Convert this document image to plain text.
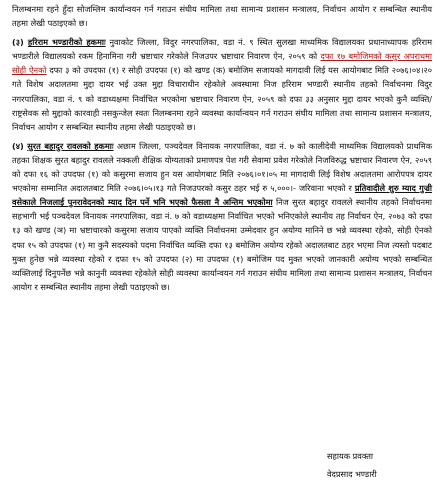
निलम्बनमा रहने हुँदा सोजम्लिम कार्यान्वयन गर्न गराउन संघीय मामिला तथा सामान्य प्रशासन मन्त्रालय, निर्वाचन आयोग र सम्बन्धित स्थानीय तहमा लेखी पठाइएको छ।

(३) हरिराम भण्डारीको हकमाः नुवाकोट जिल्ला, विदुर नगरपालिका, वडा नं. ९ स्थित सुलखा माध्यमिक विद्यालयका प्रधानाध्यापक हरिराम भण्डारीले विद्यालयको रकम हिनामिना गरी भ्रष्टाचार गरेकोले निजउपर भ्रष्टाचार निवारण ऐन, २०५९ को दफा १७ बमोजिमको कसुर अपराधमा सोही ऐनको दफा ३ को उपदफा (१) र सोही उपदफा (१) को खण्ड (क) बमोजिम सजायको मागदावी लिई यस आयोगबाट मिति २०७६।०४।२० गते विशेष अदालतमा मुद्दा दायर भई उक्त मुद्दा विचाराधीन रहेकोले अवस्थामा निज हरिराम भण्डारी स्थानीय तहको निर्वाचनमा विदुर नगरपालिका, वडा नं. ९ को वडाध्यक्षमा निर्वाचित भएकोमा भ्रष्टाचार निवारण ऐन, २०५९ को दफा ३३ अनुसार मुद्दा दायर भएको कुनै व्यक्ति/राष्ट्रसेवक सो मुद्दाको कारवाही नसकुन्जेल स्वतः निलम्बनमा रहने व्यवस्था कार्यान्वयन गर्न गराउन संघीय मामिला तथा सामान्य प्रशासन मन्त्रालय, निर्वाचन आयोग र सम्बन्धित स्थानीय तहमा लेखी पठाइएको छ।

(४) सुरत बहादुर रावलको हकमाः अछाम जिल्ला, पञ्चदेवल विनायक नगरपालिका, वडा नं. ७ को कालीदेवी माध्यमिक विद्यालयको प्राथमिक तहका शिक्षक सुरत बहादुर रावलले नक्कली शैक्षिक योग्यताको प्रमाणपत्र पेश गरी सेवामा प्रवेश गरेकोले निजविरुद्ध भ्रष्टाचार निवारण ऐन, २०५९ को दफा १६ को उपदफा (१) को कसुरमा सजाय हुन यस आयोगबाट मिति २०७६।०१।०५ मा मागदावी लिई विशेष अदालतमा आरोपपत्र दायर भएकोमा सम्मानित अदालतबाट मिति २०७६।०५।१३ गते निजउपरको कसुर ठहर भई रु ५,०००।- जरिवाना भएको र प्रतिवादीले शुरु म्याद गुज्री वसेकाले निजलाई पुनरावेदनको म्याद दिन पर्ने भनि भएको फैसला नै अन्तिम भएकोमा निज सुरत बहादुर रावलले स्थानीय तहको निर्वाचनमा सहभागी भई पञ्चदेवल विनायक नगरपालिका, वडा नं. ७ को वडाध्यक्षमा निर्वाचित भएको भनिएकोले स्थानीय तह निर्वाचन ऐन, २०७३ को दफा १३ को खण्ड (ञ) मा भ्रष्टाचारको कसुरमा सजाय पाएको व्यक्ति निर्वाचनमा उम्मेदवार हुन अयोग्य मानिने छ भन्ने व्यवस्था रहेको, सोही ऐनको दफा १५ को उपदफा (१) मा कुनै सदस्यको पदमा निर्वाचित व्यक्ति दफा १३ बमोजिम अयोग्य रहेको अदालतबाट ठहर भएमा निज त्यस्तो पदबाट मुक्त हुनेछ भन्ने व्यवस्था रहेको र दफा १५ को उपदफा (२) मा उपदफा (१) बमोजिम पद मुक्त भएको जानकारी अयोग्य भएको सम्बन्धित व्यक्तिलाई दिनुपर्नेछ भन्ने कानुनी व्यवस्था रहेकोले सोही व्यवस्था कार्यान्वयन गर्न गराउन संघीय मामिला तथा सामान्य प्रशासन मन्त्रालय, निर्वाचन आयोग र सम्बन्धित स्थानीय तहमा लेखी पठाइएको छ।

सहायक प्रवक्ता
वेदप्रसाद भण्डारी
